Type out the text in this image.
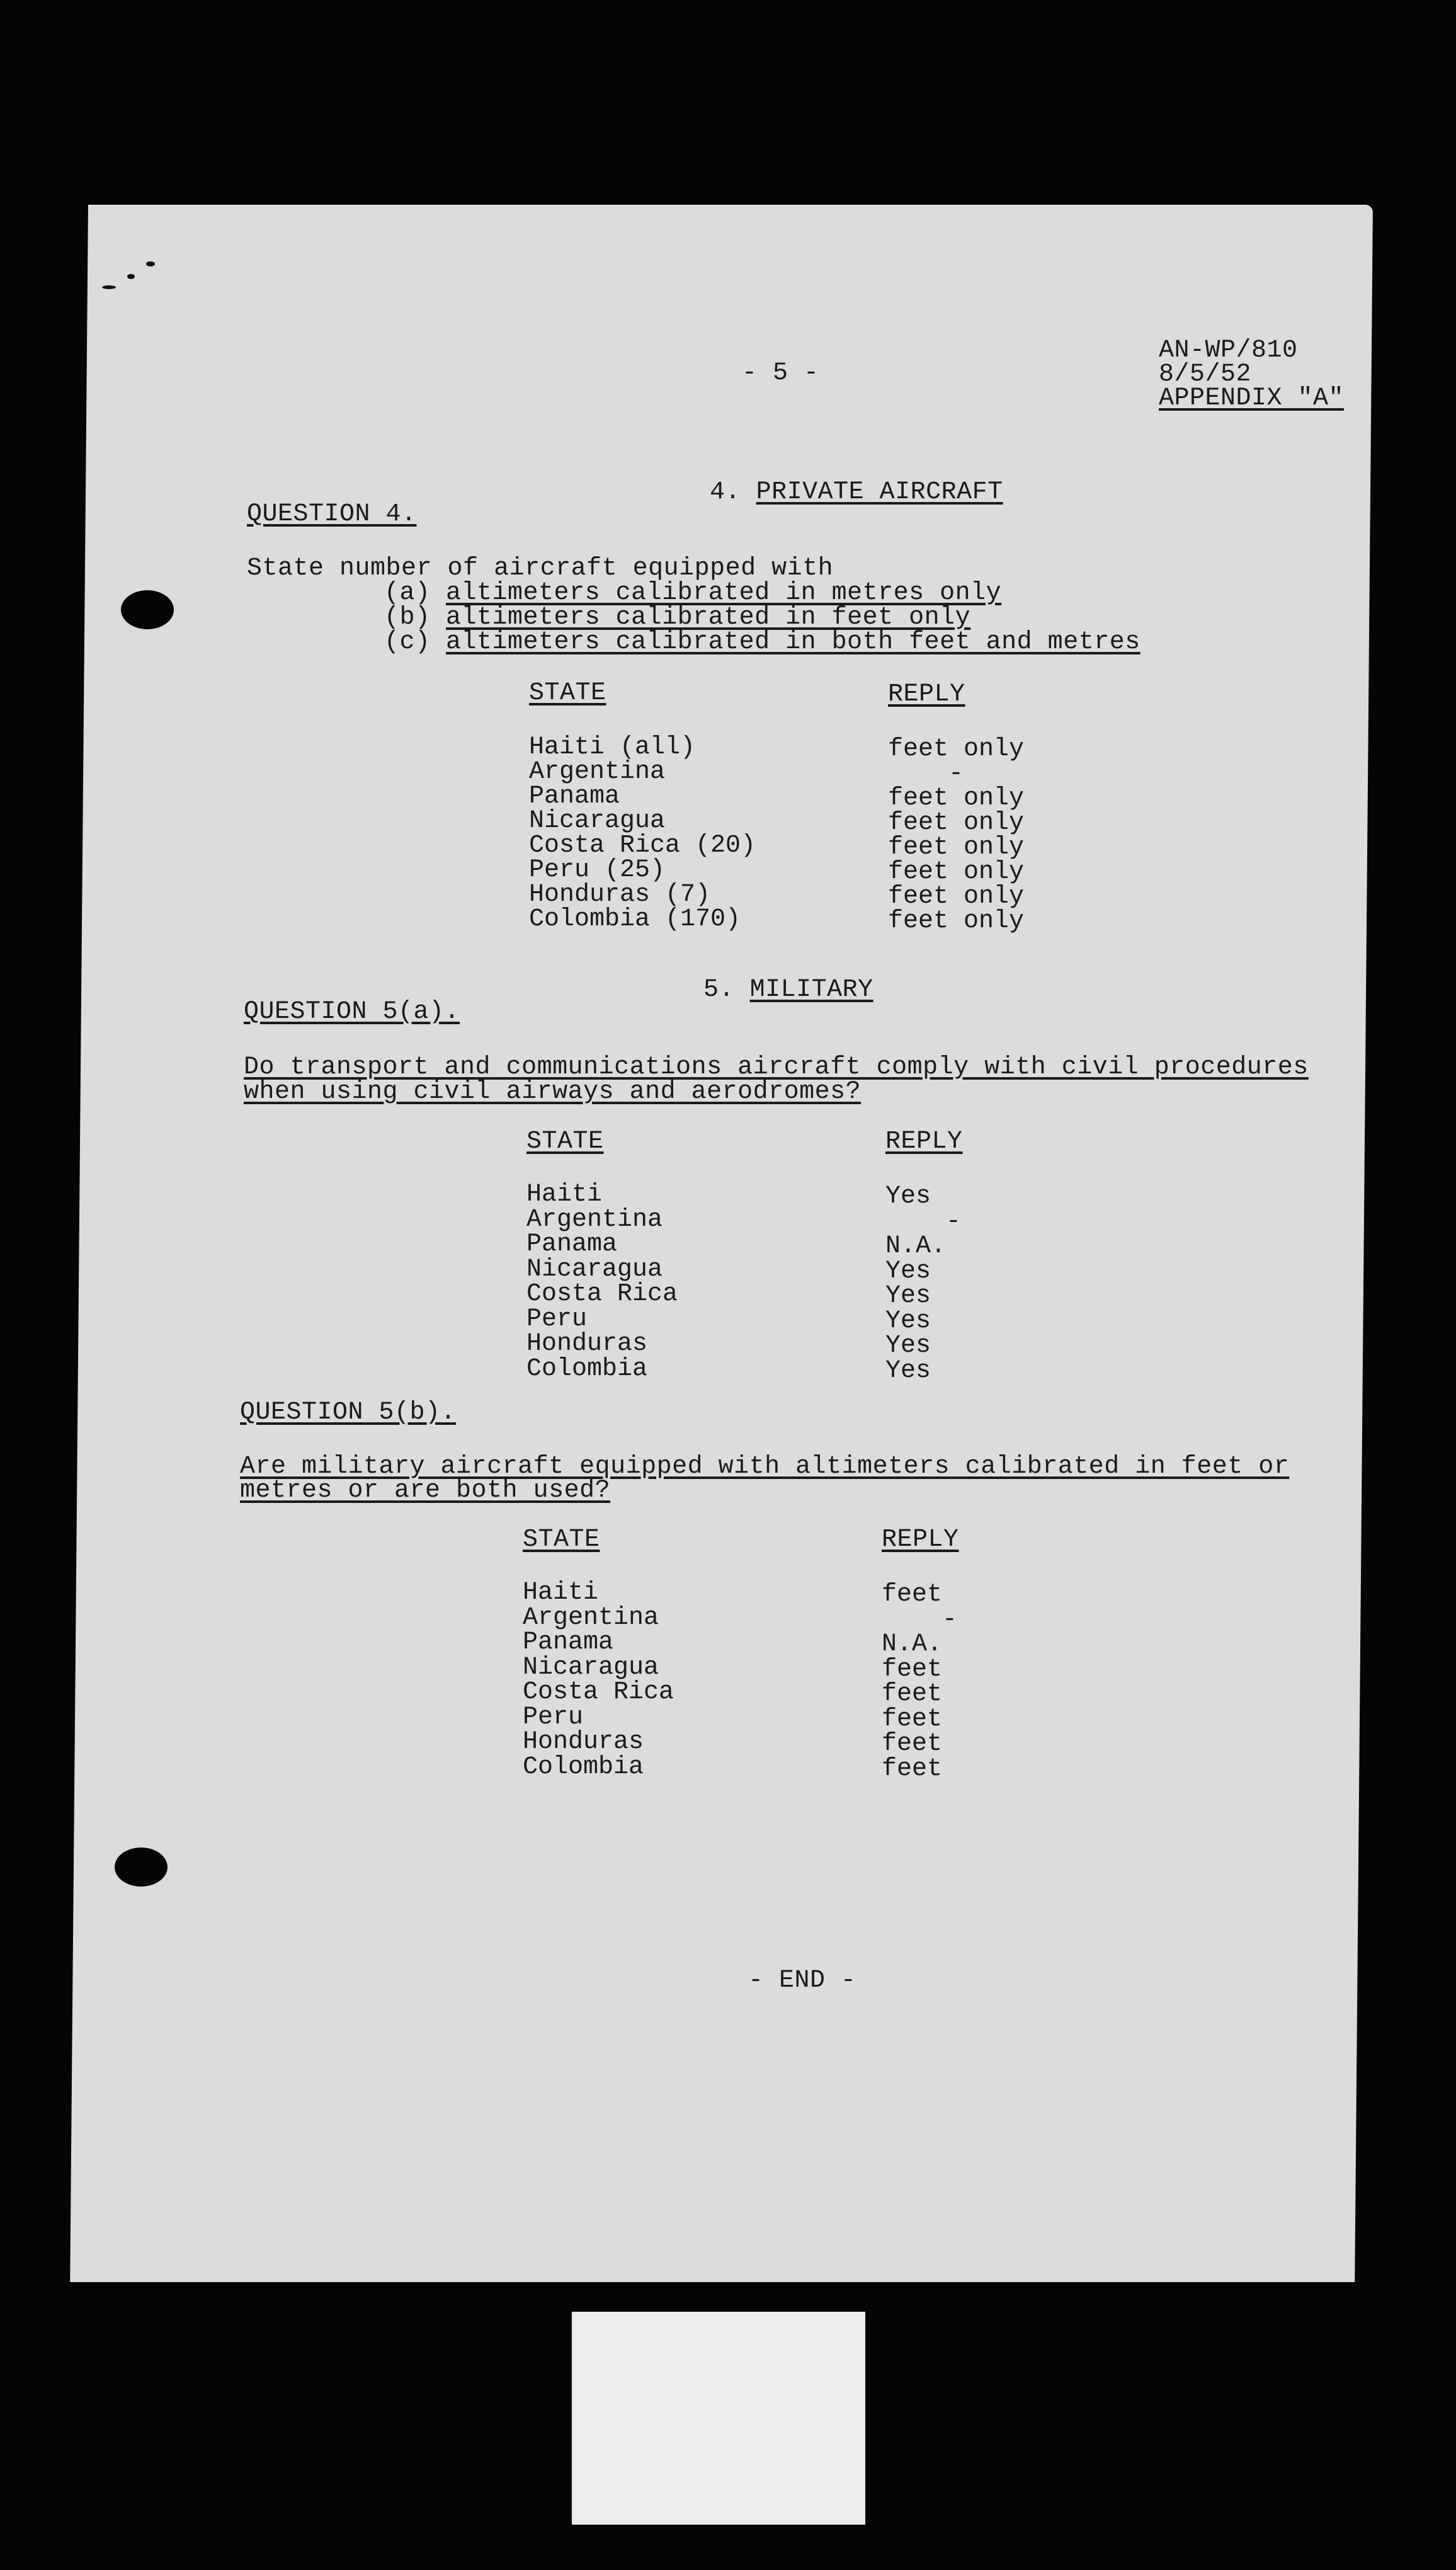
- 5 -
AN-WP/810
8/5/52
APPENDIX "A"

4. PRIVATE AIRCRAFT

QUESTION 4.
State number of aircraft equipped with
(a) altimeters calibrated in metres only
(b) altimeters calibrated in feet only
(c) altimeters calibrated in both feet and metres
STATE	REPLY
Haiti (all)	feet only
Argentina	-
Panama	feet only
Nicaragua	feet only
Costa Rica (20)	feet only
Peru (25)	feet only
Honduras (7)	feet only
Colombia (170)	feet only

5. MILITARY

QUESTION 5(a).
Do transport and communications aircraft comply with civil procedures
when using civil airways and aerodromes?
STATE	REPLY
Haiti	Yes
Argentina	-
Panama	N.A.
Nicaragua	Yes
Costa Rica	Yes
Peru	Yes
Honduras	Yes
Colombia	Yes
QUESTION 5(b).
Are military aircraft equipped with altimeters calibrated in feet or
metres or are both used?
STATE	REPLY
Haiti	feet
Argentina	-
Panama	N.A.
Nicaragua	feet
Costa Rica	feet
Peru	feet
Honduras	feet
Colombia	feet
- END -
